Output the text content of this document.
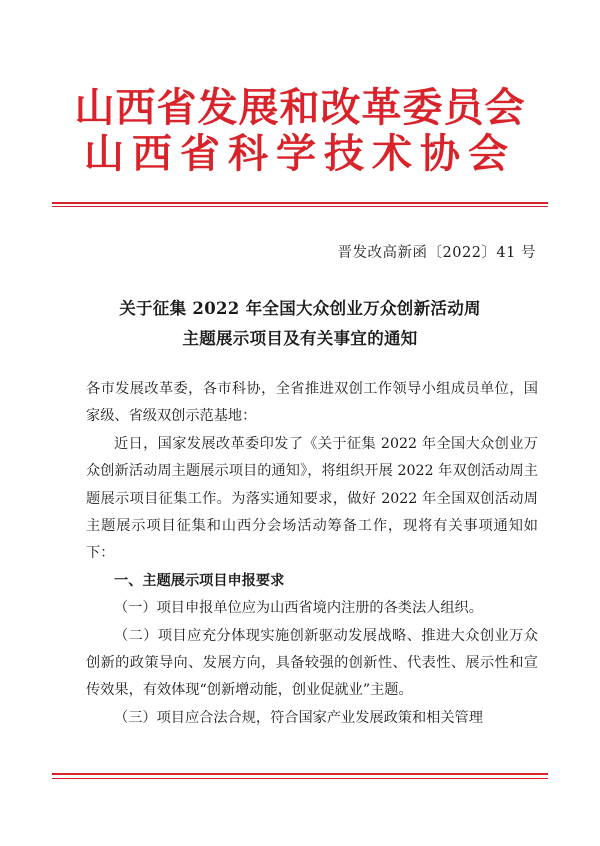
山西省发展和改革委员会
山西省科学技术协会
晋发改高新函〔2022〕41 号
关于征集 2022 年全国大众创业万众创新活动周
主题展示项目及有关事宜的通知

各市发展改革委，各市科协，全省推进双创工作领导小组成员单位，国家级、省级双创示范基地：

近日，国家发展改革委印发了《关于征集 2022 年全国大众创业万众创新活动周主题展示项目的通知》，将组织开展 2022 年双创活动周主题展示项目征集工作。为落实通知要求，做好 2022 年全国双创活动周主题展示项目征集和山西分会场活动筹备工作，现将有关事项通知如下：

一、主题展示项目申报要求

（一）项目申报单位应为山西省境内注册的各类法人组织。

（二）项目应充分体现实施创新驱动发展战略、推进大众创业万众创新的政策导向、发展方向，具备较强的创新性、代表性、展示性和宣传效果，有效体现“创新增动能，创业促就业”主题。

（三）项目应合法合规，符合国家产业发展政策和相关管理
